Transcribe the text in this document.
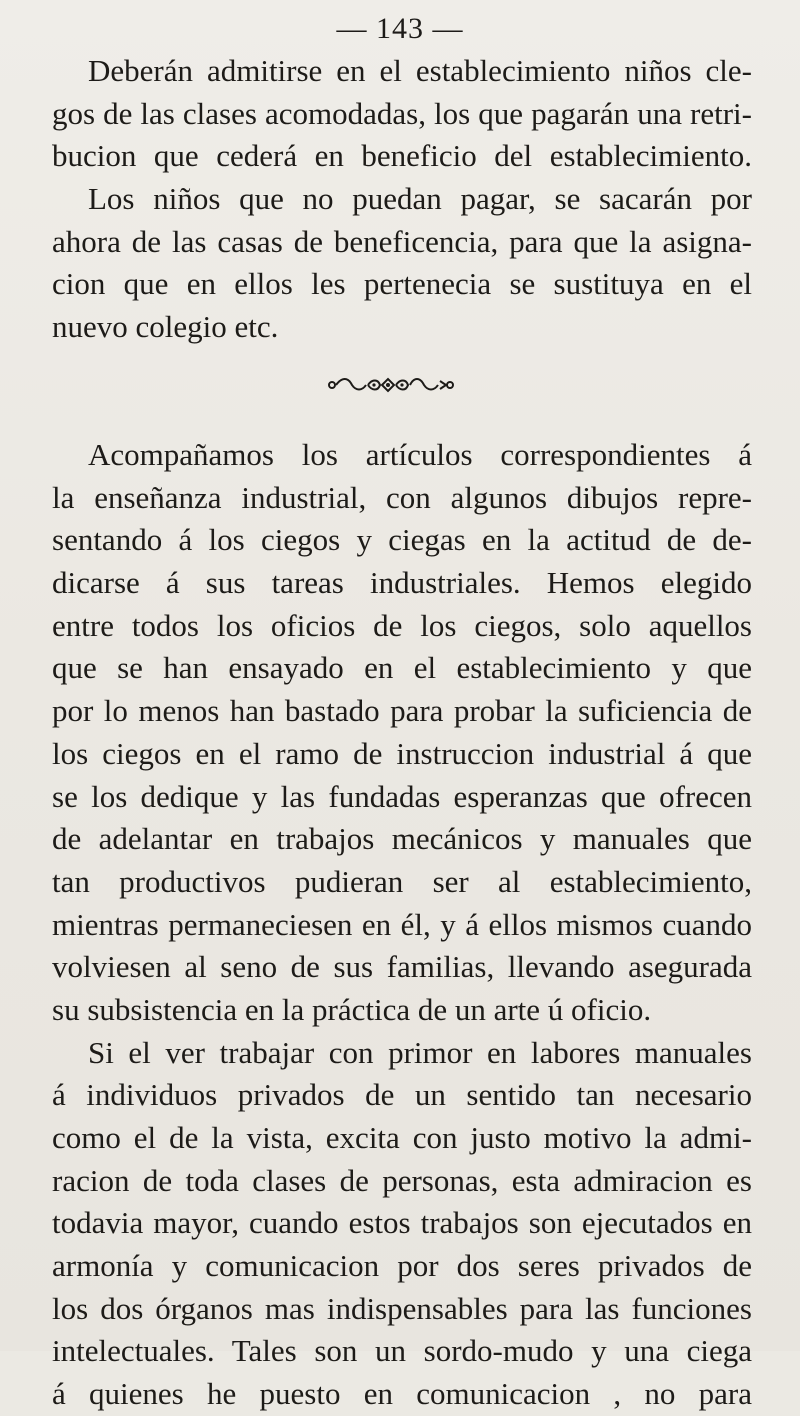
— 143 —
Deberán admitirse en el establecimiento niños cle-
gos de las clases acomodadas, los que pagarán una retri-
bucion que cederá en beneficio del establecimiento.
Los niños que no puedan pagar, se sacarán por
ahora de las casas de beneficencia, para que la asigna-
cion que en ellos les pertenecia se sustituya en el
nuevo colegio etc.
Acompañamos los artículos correspondientes á
la enseñanza industrial, con algunos dibujos repre-
sentando á los ciegos y ciegas en la actitud de de-
dicarse á sus tareas industriales. Hemos elegido
entre todos los oficios de los ciegos, solo aquellos
que se han ensayado en el establecimiento y que
por lo menos han bastado para probar la suficiencia de
los ciegos en el ramo de instruccion industrial á que
se los dedique y las fundadas esperanzas que ofrecen
de adelantar en trabajos mecánicos y manuales que
tan productivos pudieran ser al establecimiento,
mientras permaneciesen en él, y á ellos mismos cuando
volviesen al seno de sus familias, llevando asegurada
su subsistencia en la práctica de un arte ú oficio.
Si el ver trabajar con primor en labores manuales
á individuos privados de un sentido tan necesario
como el de la vista, excita con justo motivo la admi-
racion de toda clases de personas, esta admiracion es
todavia mayor, cuando estos trabajos son ejecutados en
armonía y comunicacion por dos seres privados de
los dos órganos mas indispensables para las funciones
intelectuales. Tales son un sordo-mudo y una ciega
á quienes he puesto en comunicacion , no para
